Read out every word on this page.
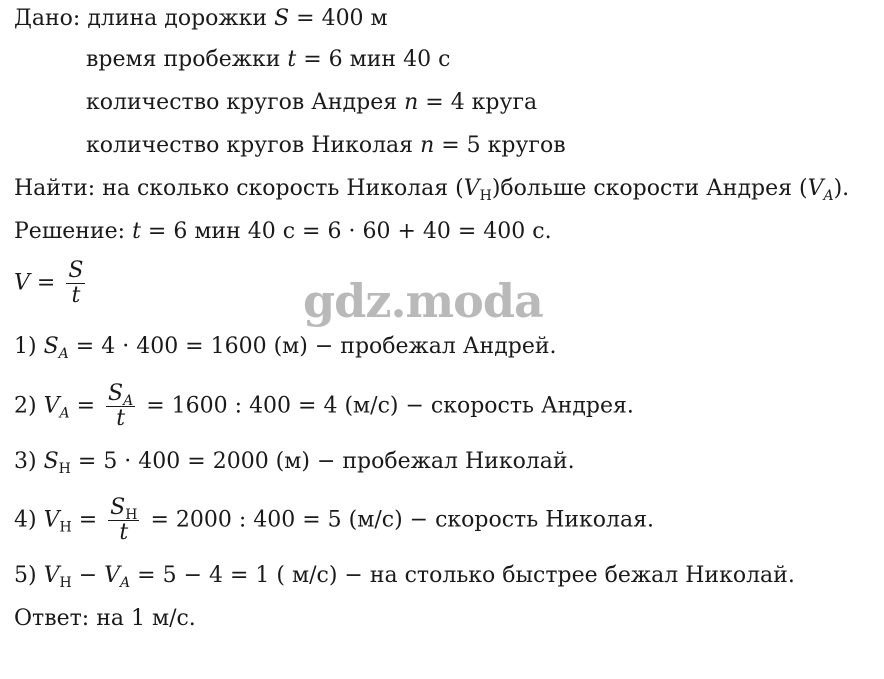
Дано: длина дорожки S = 400 м
время пробежки t = 6 мин 40 с
количество кругов Андрея n = 4 круга
количество кругов Николая n = 5 кругов
Найти: на сколько скорость Николая $(V_Н)больше$ скорости Андрея $(V_A)$.
Решение: t = 6 мин 40 с = 6 · 60 + 40 = 400 с.
$V = \frac{S}{t}$	gdz.moda
1) $S_A = 4 \cdot 400 = 1600$ (м) − пробежал Андрей.
2) $V_A = \frac{S_A}{t} = 1600$ : 400 = 4 (м/с) − скорость Андрея.
3) $S_Н = 5 \cdot 400 = 2000$ (м) − пробежал Николай.
4) $V_Н = \frac{S_Н}{t} = 2000$ : 400 = 5 (м/с) − скорость Николая.
5) $V_Н - V_A = 5 - 4 = 1$ ( м/с) − на столько быстрее бежал Николай.
Ответ: на 1 м/с.
